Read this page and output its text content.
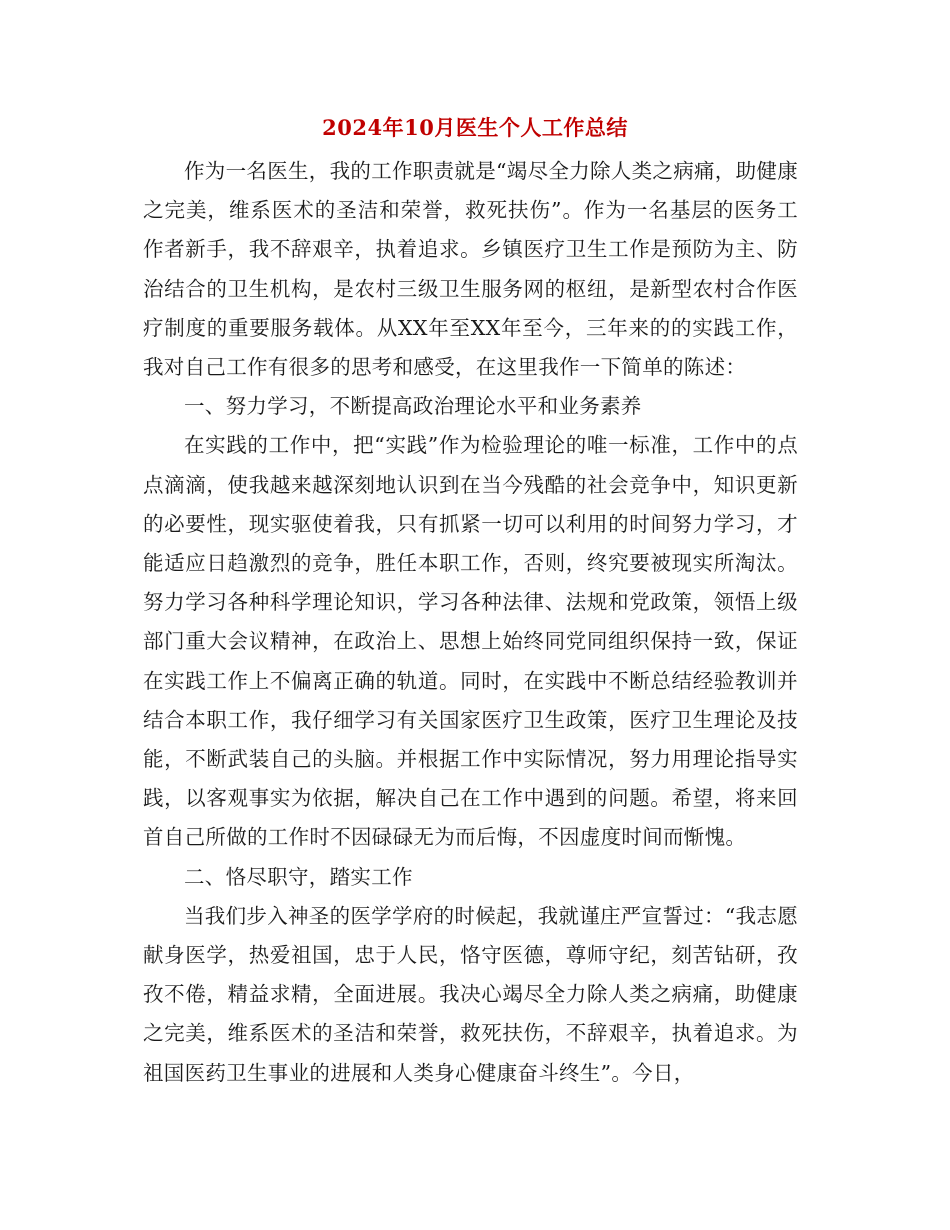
2024年10月医生个人工作总结

作为一名医生，我的工作职责就是“竭尽全力除人类之病痛，助健康之完美，维系医术的圣洁和荣誉，救死扶伤”。作为一名基层的医务工作者新手，我不辞艰辛，执着追求。乡镇医疗卫生工作是预防为主、防治结合的卫生机构，是农村三级卫生服务网的枢纽，是新型农村合作医疗制度的重要服务载体。从XX年至XX年至今，三年来的的实践工作，我对自己工作有很多的思考和感受，在这里我作一下简单的陈述：

一、努力学习，不断提高政治理论水平和业务素养

在实践的工作中，把“实践”作为检验理论的唯一标准，工作中的点点滴滴，使我越来越深刻地认识到在当今残酷的社会竞争中，知识更新的必要性，现实驱使着我，只有抓紧一切可以利用的时间努力学习，才能适应日趋激烈的竞争，胜任本职工作，否则，终究要被现实所淘汰。努力学习各种科学理论知识，学习各种法律、法规和党政策，领悟上级部门重大会议精神，在政治上、思想上始终同党同组织保持一致，保证在实践工作上不偏离正确的轨道。同时，在实践中不断总结经验教训并结合本职工作，我仔细学习有关国家医疗卫生政策，医疗卫生理论及技能，不断武装自己的头脑。并根据工作中实际情况，努力用理论指导实践，以客观事实为依据，解决自己在工作中遇到的问题。希望，将来回首自己所做的工作时不因碌碌无为而后悔，不因虚度时间而惭愧。

二、恪尽职守，踏实工作

当我们步入神圣的医学学府的时候起，我就谨庄严宣誓过：“我志愿献身医学，热爱祖国，忠于人民，恪守医德，尊师守纪，刻苦钻研，孜孜不倦，精益求精，全面进展。我决心竭尽全力除人类之病痛，助健康之完美，维系医术的圣洁和荣誉，救死扶伤，不辞艰辛，执着追求。为祖国医药卫生事业的进展和人类身心健康奋斗终生”。今日，
